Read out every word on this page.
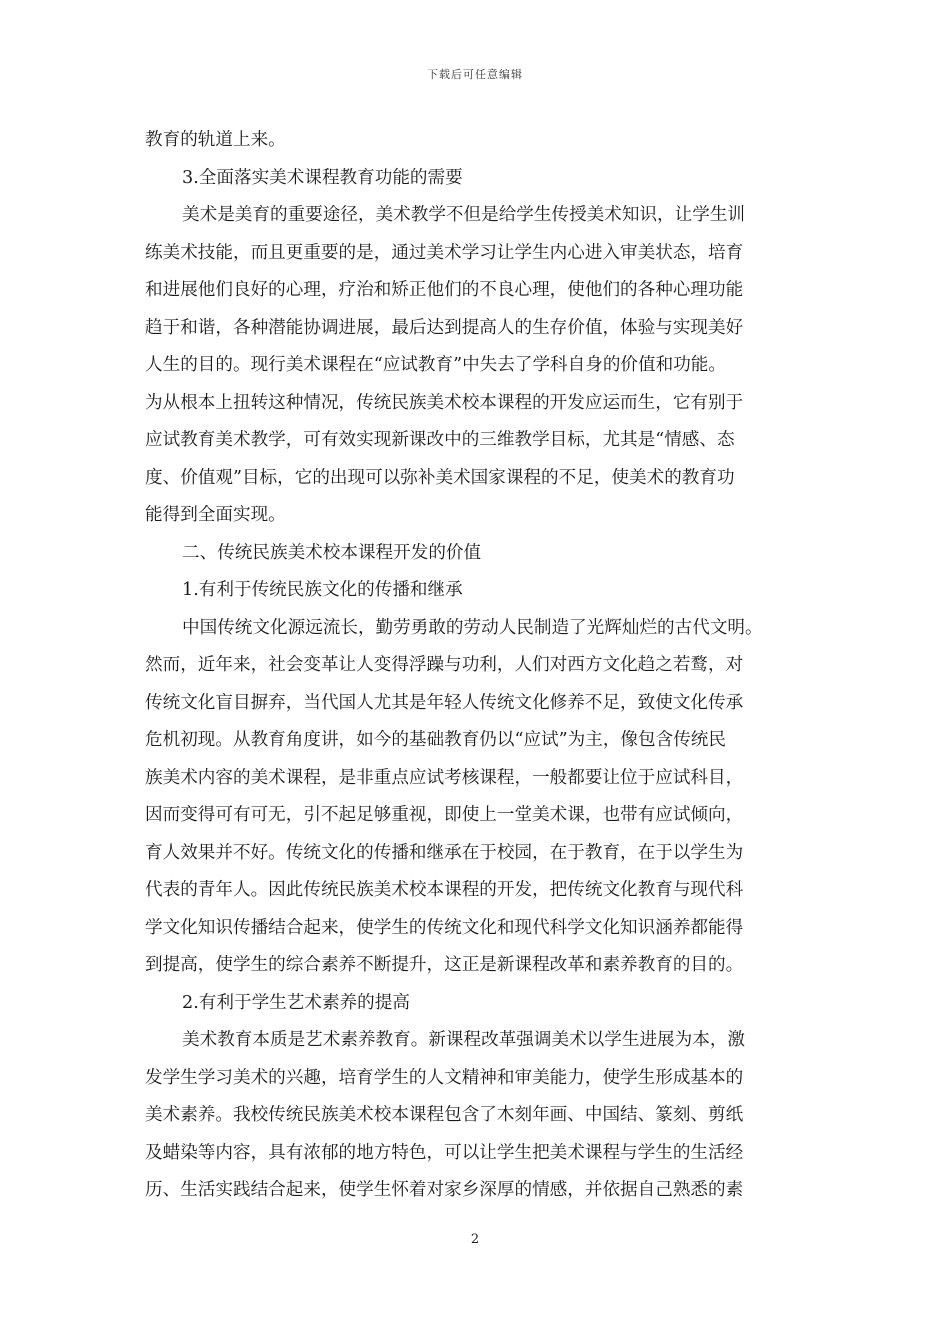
下载后可任意编辑
教育的轨道上来。
3.全面落实美术课程教育功能的需要
美术是美育的重要途径，美术教学不但是给学生传授美术知识，让学生训
练美术技能，而且更重要的是，通过美术学习让学生内心进入审美状态，培育
和进展他们良好的心理，疗治和矫正他们的不良心理，使他们的各种心理功能
趋于和谐，各种潜能协调进展，最后达到提高人的生存价值，体验与实现美好
人生的目的。现行美术课程在“应试教育”中失去了学科自身的价值和功能。
为从根本上扭转这种情况，传统民族美术校本课程的开发应运而生，它有别于
应试教育美术教学，可有效实现新课改中的三维教学目标，尤其是“情感、态
度、价值观”目标，它的出现可以弥补美术国家课程的不足，使美术的教育功
能得到全面实现。
二、传统民族美术校本课程开发的价值
1.有利于传统民族文化的传播和继承
中国传统文化源远流长，勤劳勇敢的劳动人民制造了光辉灿烂的古代文明。
然而，近年来，社会变革让人变得浮躁与功利，人们对西方文化趋之若鹜，对
传统文化盲目摒弃，当代国人尤其是年轻人传统文化修养不足，致使文化传承
危机初现。从教育角度讲，如今的基础教育仍以“应试”为主，像包含传统民
族美术内容的美术课程，是非重点应试考核课程，一般都要让位于应试科目，
因而变得可有可无，引不起足够重视，即使上一堂美术课，也带有应试倾向，
育人效果并不好。传统文化的传播和继承在于校园，在于教育，在于以学生为
代表的青年人。因此传统民族美术校本课程的开发，把传统文化教育与现代科
学文化知识传播结合起来，使学生的传统文化和现代科学文化知识涵养都能得
到提高，使学生的综合素养不断提升，这正是新课程改革和素养教育的目的。
2.有利于学生艺术素养的提高
美术教育本质是艺术素养教育。新课程改革强调美术以学生进展为本，激
发学生学习美术的兴趣，培育学生的人文精神和审美能力，使学生形成基本的
美术素养。我校传统民族美术校本课程包含了木刻年画、中国结、篆刻、剪纸
及蜡染等内容，具有浓郁的地方特色，可以让学生把美术课程与学生的生活经
历、生活实践结合起来，使学生怀着对家乡深厚的情感，并依据自己熟悉的素
2
